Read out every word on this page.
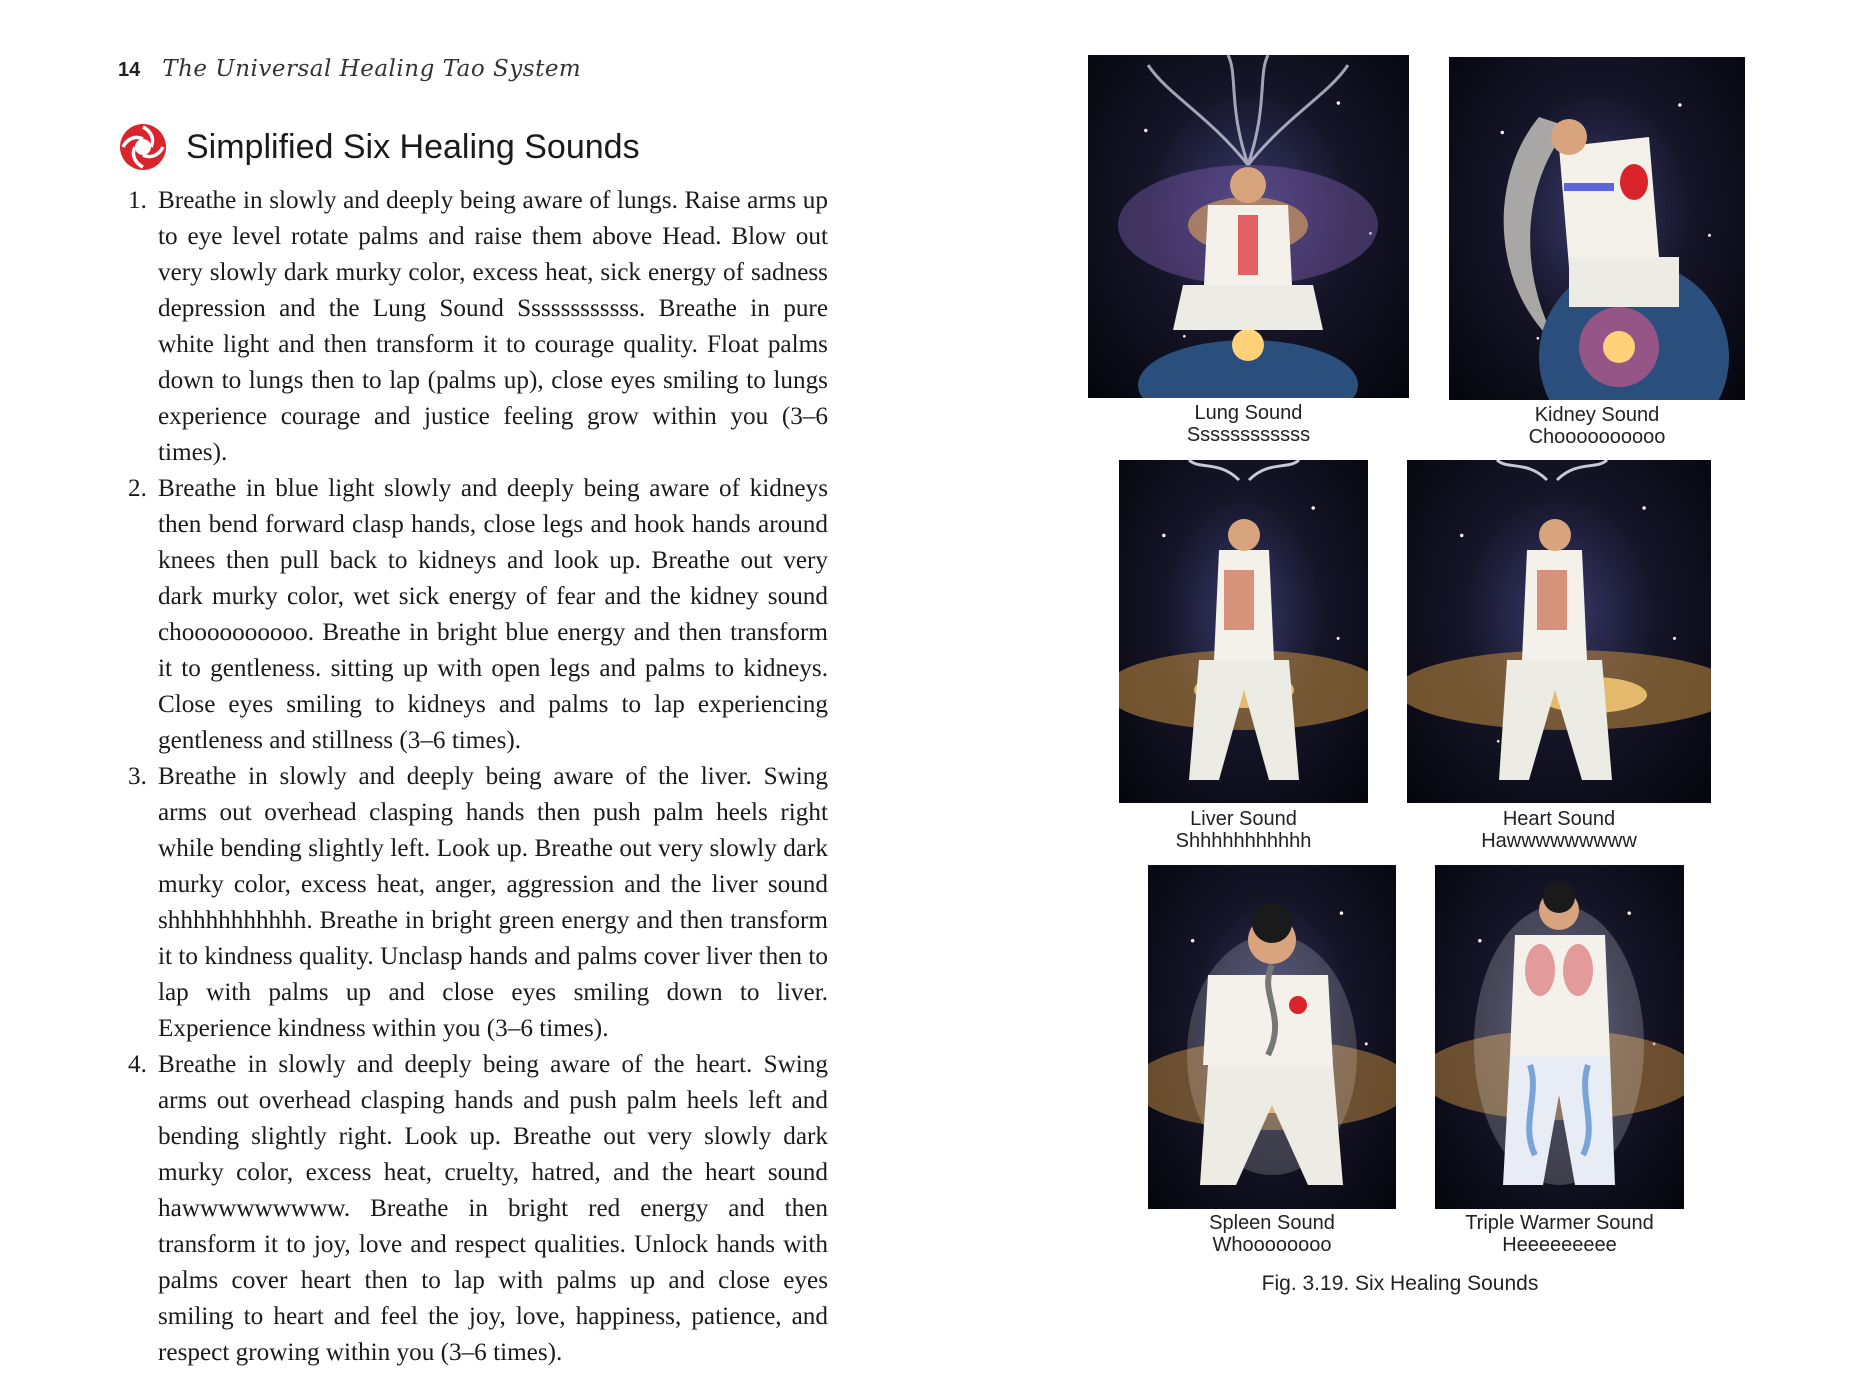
14 The Universal Healing Tao System
Simplified Six Healing Sounds
1. Breathe in slowly and deeply being aware of lungs. Raise arms up to eye level rotate palms and raise them above Head. Blow out very slowly dark murky color, excess heat, sick energy of sadness depression and the Lung Sound Ssssssssssss. Breathe in pure white light and then transform it to courage quality. Float palms down to lungs then to lap (palms up), close eyes smiling to lungs experience courage and justice feeling grow within you (3–6 times).
2. Breathe in blue light slowly and deeply being aware of kidneys then bend forward clasp hands, close legs and hook hands around knees then pull back to kidneys and look up. Breathe out very dark murky color, wet sick energy of fear and the kidney sound choooooooooo. Breathe in bright blue energy and then transform it to gentleness. sitting up with open legs and palms to kidneys. Close eyes smiling to kidneys and palms to lap experiencing gentleness and stillness (3–6 times).
3. Breathe in slowly and deeply being aware of the liver. Swing arms out overhead clasping hands then push palm heels right while bending slightly left. Look up. Breathe out very slowly dark murky color, excess heat, anger, aggression and the liver sound shhhhhhhhhhh. Breathe in bright green energy and then transform it to kindness quality. Unclasp hands and palms cover liver then to lap with palms up and close eyes smiling down to liver. Experience kindness within you (3–6 times).
4. Breathe in slowly and deeply being aware of the heart. Swing arms out overhead clasping hands and push palm heels left and bending slightly right. Look up. Breathe out very slowly dark murky color, excess heat, cruelty, hatred, and the heart sound hawwwwwwwww. Breathe in bright red energy and then transform it to joy, love and respect qualities. Unlock hands with palms cover heart then to lap with palms up and close eyes smiling to heart and feel the joy, love, happiness, patience, and respect growing within you (3–6 times).
Lung Sound
Ssssssssssss
Kidney Sound
Choooooooooo
Liver Sound
Shhhhhhhhhhh
Heart Sound
Hawwwwwwwww
Spleen Sound
Whoooooooo
Triple Warmer Sound
Heeeeeeeee
Fig. 3.19. Six Healing Sounds
